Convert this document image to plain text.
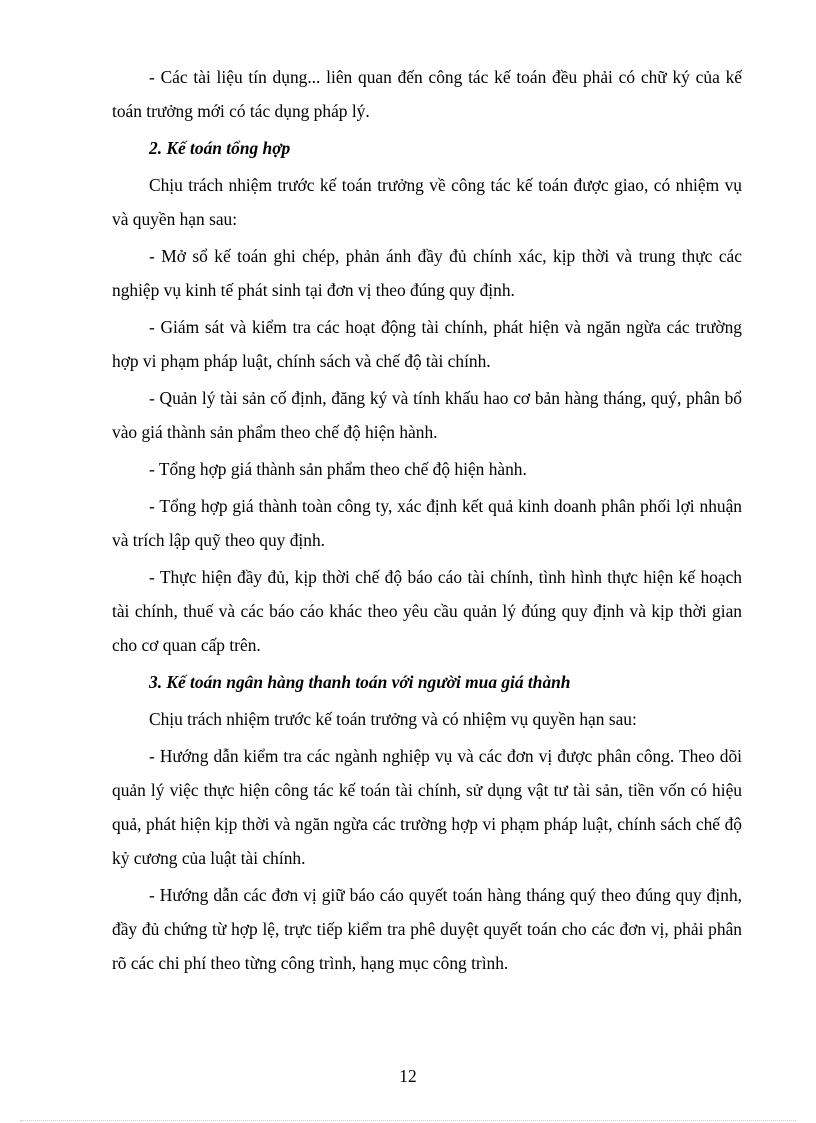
- Các tài liệu tín dụng... liên quan đến công tác kế toán đều phải có chữ ký của kế toán trưởng mới có tác dụng pháp lý.

2. Kế toán tổng hợp

Chịu trách nhiệm trước kế toán trưởng về công tác kế toán được giao, có nhiệm vụ và quyền hạn sau:

- Mở sổ kế toán ghi chép, phản ánh đầy đủ chính xác, kịp thời và trung thực các nghiệp vụ kinh tế phát sinh tại đơn vị theo đúng quy định.

- Giám sát và kiểm tra các hoạt động tài chính, phát hiện và ngăn ngừa các trường hợp vi phạm pháp luật, chính sách và chế độ tài chính.

- Quản lý tài sản cố định, đăng ký và tính khấu hao cơ bản hàng tháng, quý, phân bổ vào giá thành sản phẩm theo chế độ hiện hành.

- Tổng hợp giá thành sản phẩm theo chế độ hiện hành.

- Tổng hợp giá thành toàn công ty, xác định kết quả kinh doanh phân phối lợi nhuận và trích lập quỹ theo quy định.

- Thực hiện đầy đủ, kịp thời chế độ báo cáo tài chính, tình hình thực hiện kế hoạch tài chính, thuế và các báo cáo khác theo yêu cầu quản lý đúng quy định và kịp thời gian cho cơ quan cấp trên.

3. Kế toán ngân hàng thanh toán với người mua giá thành

Chịu trách nhiệm trước kế toán trưởng và có nhiệm vụ quyền hạn sau:

- Hướng dẫn kiểm tra các ngành nghiệp vụ và các đơn vị được phân công. Theo dõi quản lý việc thực hiện công tác kế toán tài chính, sử dụng vật tư tài sản, tiền vốn có hiệu quả, phát hiện kịp thời và ngăn ngừa các trường hợp vi phạm pháp luật, chính sách chế độ kỷ cương của luật tài chính.

- Hướng dẫn các đơn vị giữ báo cáo quyết toán hàng tháng quý theo đúng quy định, đầy đủ chứng từ hợp lệ, trực tiếp kiểm tra phê duyệt quyết toán cho các đơn vị, phải phân rõ các chi phí theo từng công trình, hạng mục công trình.

12
